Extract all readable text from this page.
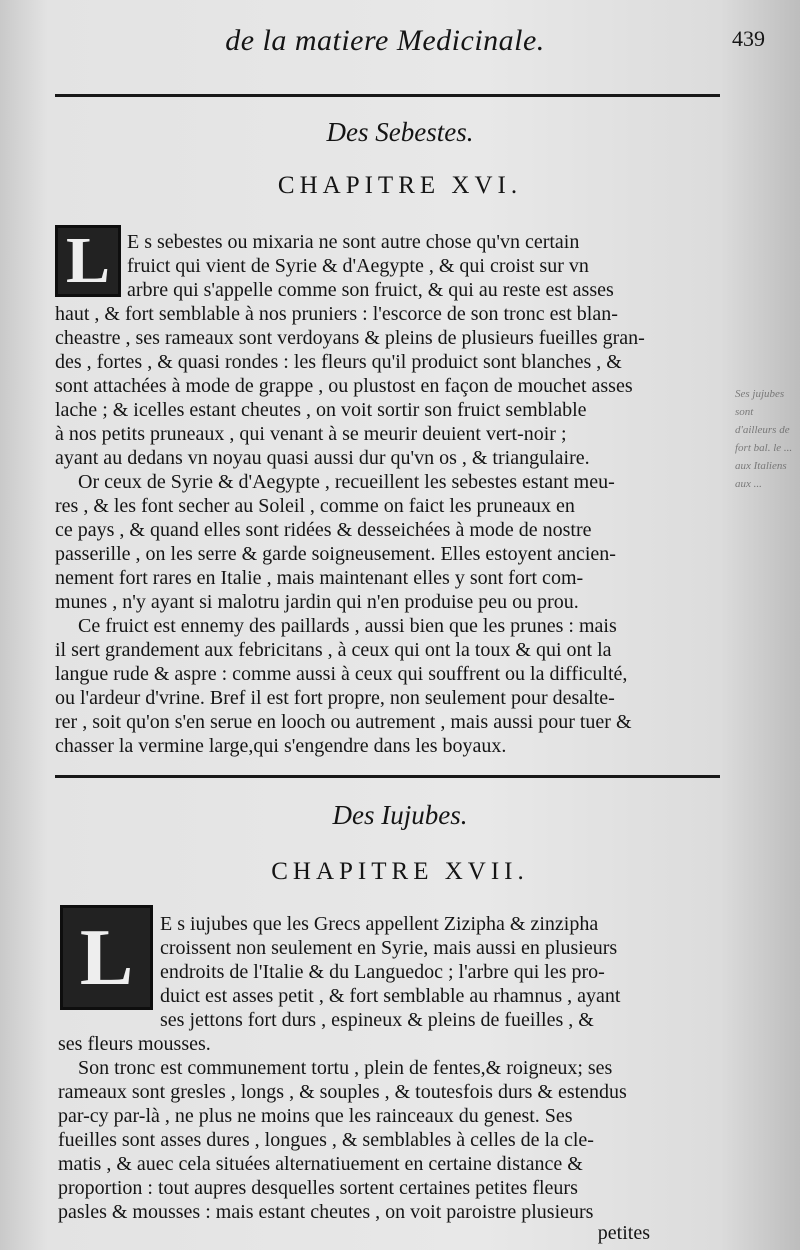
de la matiere Medicinale.	439
Des Sebestes.
CHAPITRE XVI.
L E s sebestes ou mixaria ne sont autre chose qu'vn certain
fruict qui vient de Syrie & d'Aegypte , & qui croist sur vn
arbre qui s'appelle comme son fruict, & qui au reste est asses
haut , & fort semblable à nos pruniers : l'escorce de son tronc est blan-
cheastre , ses rameaux sont verdoyans & pleins de plusieurs fueilles gran-
des , fortes , & quasi rondes : les fleurs qu'il produict sont blanches , &
sont attachées à mode de grappe , ou plustost en façon de mouchet asses
lache ; & icelles estant cheutes , on voit sortir son fruict semblable
à nos petits pruneaux , qui venant à se meurir deuient vert-noir ;
ayant au dedans vn noyau quasi aussi dur qu'vn os , & triangulaire.
Or ceux de Syrie & d'Aegypte , recueillent les sebestes estant meu-
res , & les font secher au Soleil , comme on faict les pruneaux en
ce pays , & quand elles sont ridées & desseichées à mode de nostre
passerille , on les serre & garde soigneusement. Elles estoyent ancien-
nement fort rares en Italie , mais maintenant elles y sont fort com-
munes , n'y ayant si malotru jardin qui n'en produise peu ou prou.
Ce fruict est ennemy des paillards , aussi bien que les prunes : mais
il sert grandement aux febricitans , à ceux qui ont la toux & qui ont la
langue rude & aspre : comme aussi à ceux qui souffrent ou la difficulté,
ou l'ardeur d'vrine. Bref il est fort propre, non seulement pour desalte-
rer , soit qu'on s'en serue en looch ou autrement , mais aussi pour tuer &
chasser la vermine large,qui s'engendre dans les boyaux.
Des Iujubes.
CHAPITRE XVII.
L	E s iujubes que les Grecs appellent Zizipha & zinzipha
croissent non seulement en Syrie, mais aussi en plusieurs
endroits de l'Italie & du Languedoc ; l'arbre qui les pro-
duict est asses petit , & fort semblable au rhamnus , ayant
ses jettons fort durs , espineux & pleins de fueilles , &
ses fleurs mousses.
Son tronc est communement tortu , plein de fentes,& roigneux; ses
rameaux sont gresles , longs , & souples , & toutesfois durs & estendus
par-cy par-là , ne plus ne moins que les rainceaux du genest. Ses
fueilles sont asses dures , longues , & semblables à celles de la cle-
matis , & auec cela situées alternatiuement en certaine distance &
proportion : tout aupres desquelles sortent certaines petites fleurs
pasles & mousses : mais estant cheutes , on voit paroistre plusieurs
petites
Ses jujubes sont d'ailleurs de fort bal. le ... aux Italiens aux ...
